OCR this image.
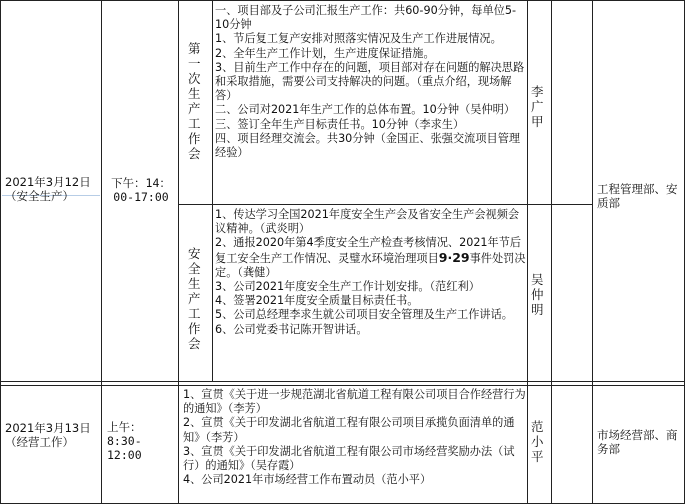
2021年3月12日（安全生产）
下午：14：00-17:00
第一次生产工作会
一、项目部及子公司汇报生产工作：共60-90分钟，每单位5-10分钟
1、节后复工复产安排对照落实情况及生产工作进展情况。
2、全年生产工作计划，生产进度保证措施。
3、目前生产工作中存在的问题，项目部对存在问题的解决思路和采取措施，需要公司支持解决的问题。（重点介绍，现场解答）
二、公司对2021年生产工作的总体布置。10分钟（吴仲明）
三、签订全年生产目标责任书。10分钟（李求生）
四、项目经理交流会。共30分钟（金国正、张强交流项目管理经验）
李广甲
工程管理部、安质部
安全生产工作会
1、传达学习全国2021年度安全生产会及省安全生产会视频会议精神。（武炎明）
2、通报2020年第4季度安全生产检查考核情况、2021年节后复工安全生产工作情况、灵璧水环境治理项目9·29事件处罚决定。（龚健）
3、公司2021年度安全生产工作计划安排。（范红利）
4、签署2021年度安全质量目标责任书。
5、公司总经理李求生就公司项目安全管理及生产工作讲话。
6、公司党委书记陈开智讲话。
吴仲明
2021年3月13日（经营工作）
上午：8:30-12:00
1、宣贯《关于进一步规范湖北省航道工程有限公司项目合作经营行为的通知》（李芳）
2、宣贯《关于印发湖北省航道工程有限公司项目承揽负面清单的通知》（李芳）
3、宣贯《关于印发湖北省航道工程有限公司市场经营奖励办法（试行）的通知》（吴存霞）
4、公司2021年市场经营工作布置动员（范小平）
范小平
市场经营部、商务部
